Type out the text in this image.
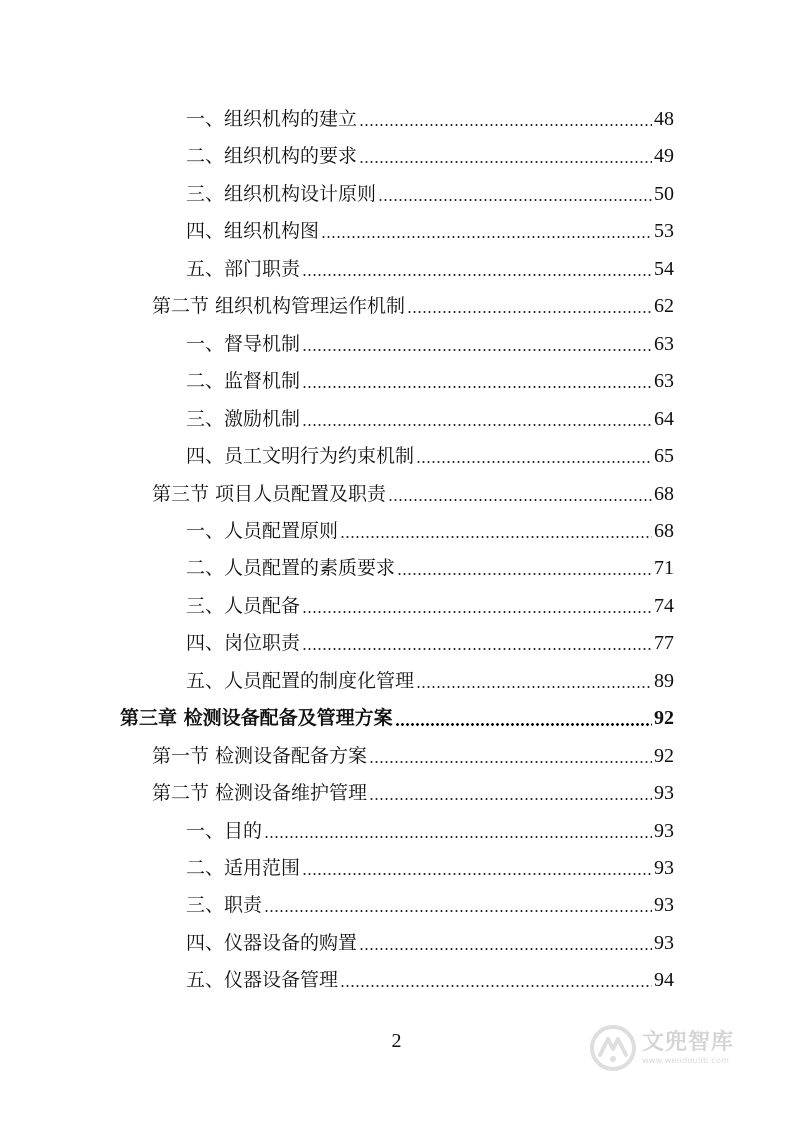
一、组织机构的建立	48
二、组织机构的要求	49
三、组织机构设计原则	50
四、组织机构图	53
五、部门职责	54
第二节 组织机构管理运作机制	62
一、督导机制	63
二、监督机制	63
三、激励机制	64
四、员工文明行为约束机制	65
第三节 项目人员配置及职责	68
一、人员配置原则	68
二、人员配置的素质要求	71
三、人员配备	74
四、岗位职责	77
五、人员配置的制度化管理	89
第三章 检测设备配备及管理方案	92
第一节 检测设备配备方案	92
第二节 检测设备维护管理	93
一、目的	93
二、适用范围	93
三、职责	93
四、仪器设备的购置	93
五、仪器设备管理	94
2	文兜智库
www.wendoulib.com
